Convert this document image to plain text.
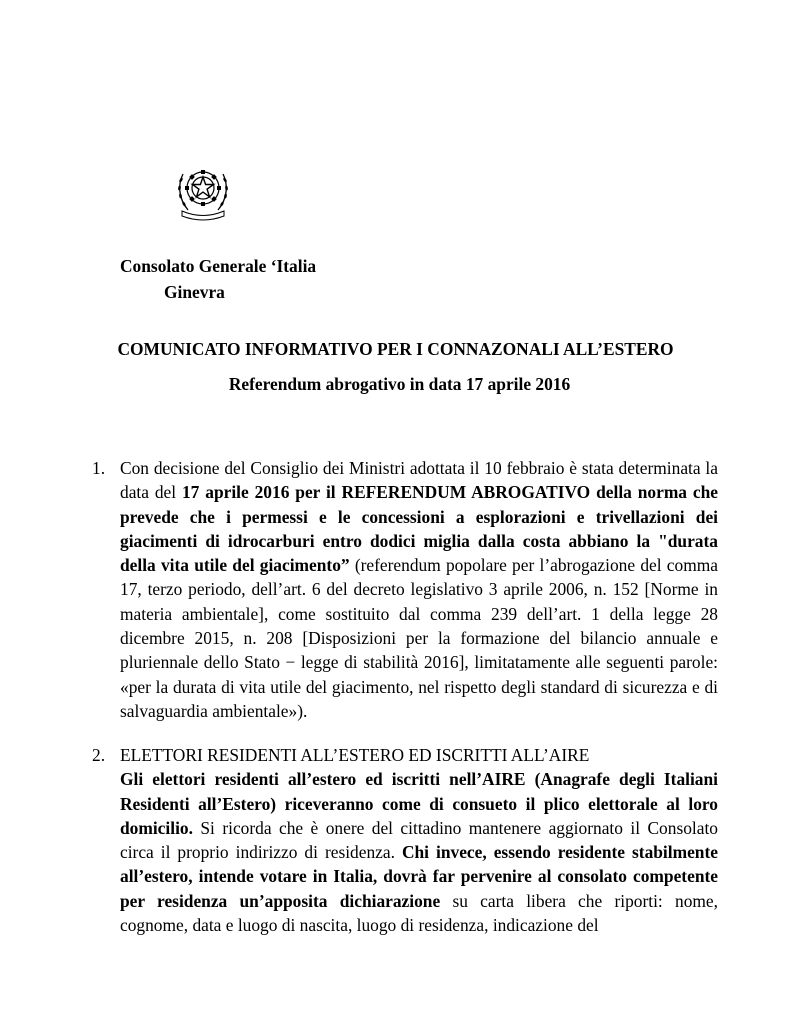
Consolato Generale ‘Italia
Ginevra
COMUNICATO INFORMATIVO PER I CONNAZONALI ALL’ESTERO
Referendum abrogativo in data 17 aprile 2016
1. Con decisione del Consiglio dei Ministri adottata il 10 febbraio è stata determinata la data del 17 aprile 2016 per il REFERENDUM ABROGATIVO della norma che prevede che i permessi e le concessioni a esplorazioni e trivellazioni dei giacimenti di idrocarburi entro dodici miglia dalla costa abbiano la "durata della vita utile del giacimento” (referendum popolare per l’abrogazione del comma 17, terzo periodo, dell’art. 6 del decreto legislativo 3 aprile 2006, n. 152 [Norme in materia ambientale], come sostituito dal comma 239 dell’art. 1 della legge 28 dicembre 2015, n. 208 [Disposizioni per la formazione del bilancio annuale e pluriennale dello Stato − legge di stabilità 2016], limitatamente alle seguenti parole: «per la durata di vita utile del giacimento, nel rispetto degli standard di sicurezza e di salvaguardia ambientale»).

2. ELETTORI RESIDENTI ALL’ESTERO ED ISCRITTI ALL’AIRE

Gli elettori residenti all’estero ed iscritti nell’AIRE (Anagrafe degli Italiani Residenti all’Estero) riceveranno come di consueto il plico elettorale al loro domicilio. Si ricorda che è onere del cittadino mantenere aggiornato il Consolato circa il proprio indirizzo di residenza. Chi invece, essendo residente stabilmente all’estero, intende votare in Italia, dovrà far pervenire al consolato competente per residenza un’apposita dichiarazione su carta libera che riporti: nome, cognome, data e luogo di nascita, luogo di residenza, indicazione del
